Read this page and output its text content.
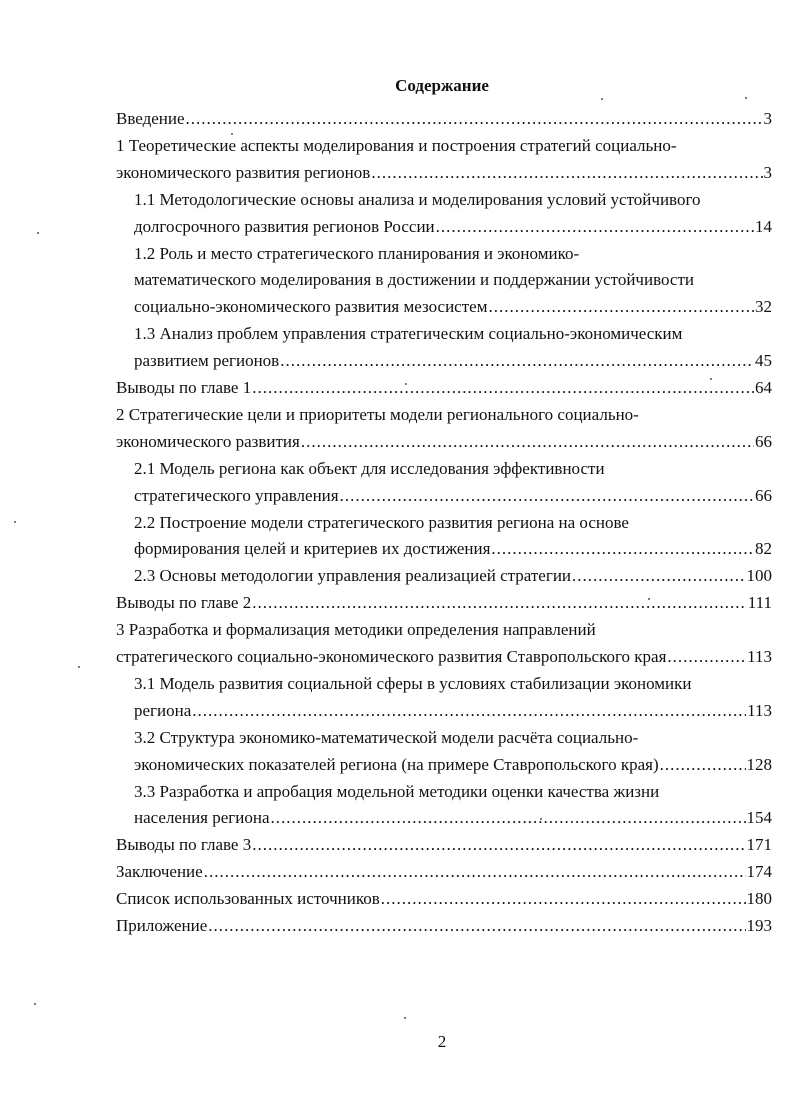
Содержание
Введение .....	3
1 Теоретические аспекты моделирования и построения стратегий социально-
экономического развития регионов .....	3
1.1 Методологические основы анализа и моделирования условий устойчивого
долгосрочного развития регионов России .....	14
1.2 Роль и место стратегического планирования и экономико-
математического моделирования в достижении и поддержании устойчивости
социально-экономического развития мезосистем .....	32
1.3 Анализ проблем управления стратегическим социально-экономическим
развитием регионов .....	45
Выводы по главе 1 .....	64
2 Стратегические цели и приоритеты модели регионального социально-
экономического развития .....	66
2.1 Модель региона как объект для исследования эффективности
стратегического управления .....	66
2.2 Построение модели стратегического развития региона на основе
формирования целей и критериев их достижения .....	82
2.3 Основы методологии управления реализацией стратегии .....	100
Выводы по главе 2 .....	111
3 Разработка и формализация методики определения направлений
стратегического социально-экономического развития Ставропольского края .....	113
3.1 Модель развития социальной сферы в условиях стабилизации экономики
региона .....	113
3.2 Структура экономико-математической модели расчёта социально-
экономических показателей региона (на примере Ставропольского края) .....	128
3.3 Разработка и апробация модельной методики оценки качества жизни
населения региона .....	154
Выводы по главе 3 .....	171
Заключение .....	174
Список использованных источников .....	180
Приложение .....	193
2
